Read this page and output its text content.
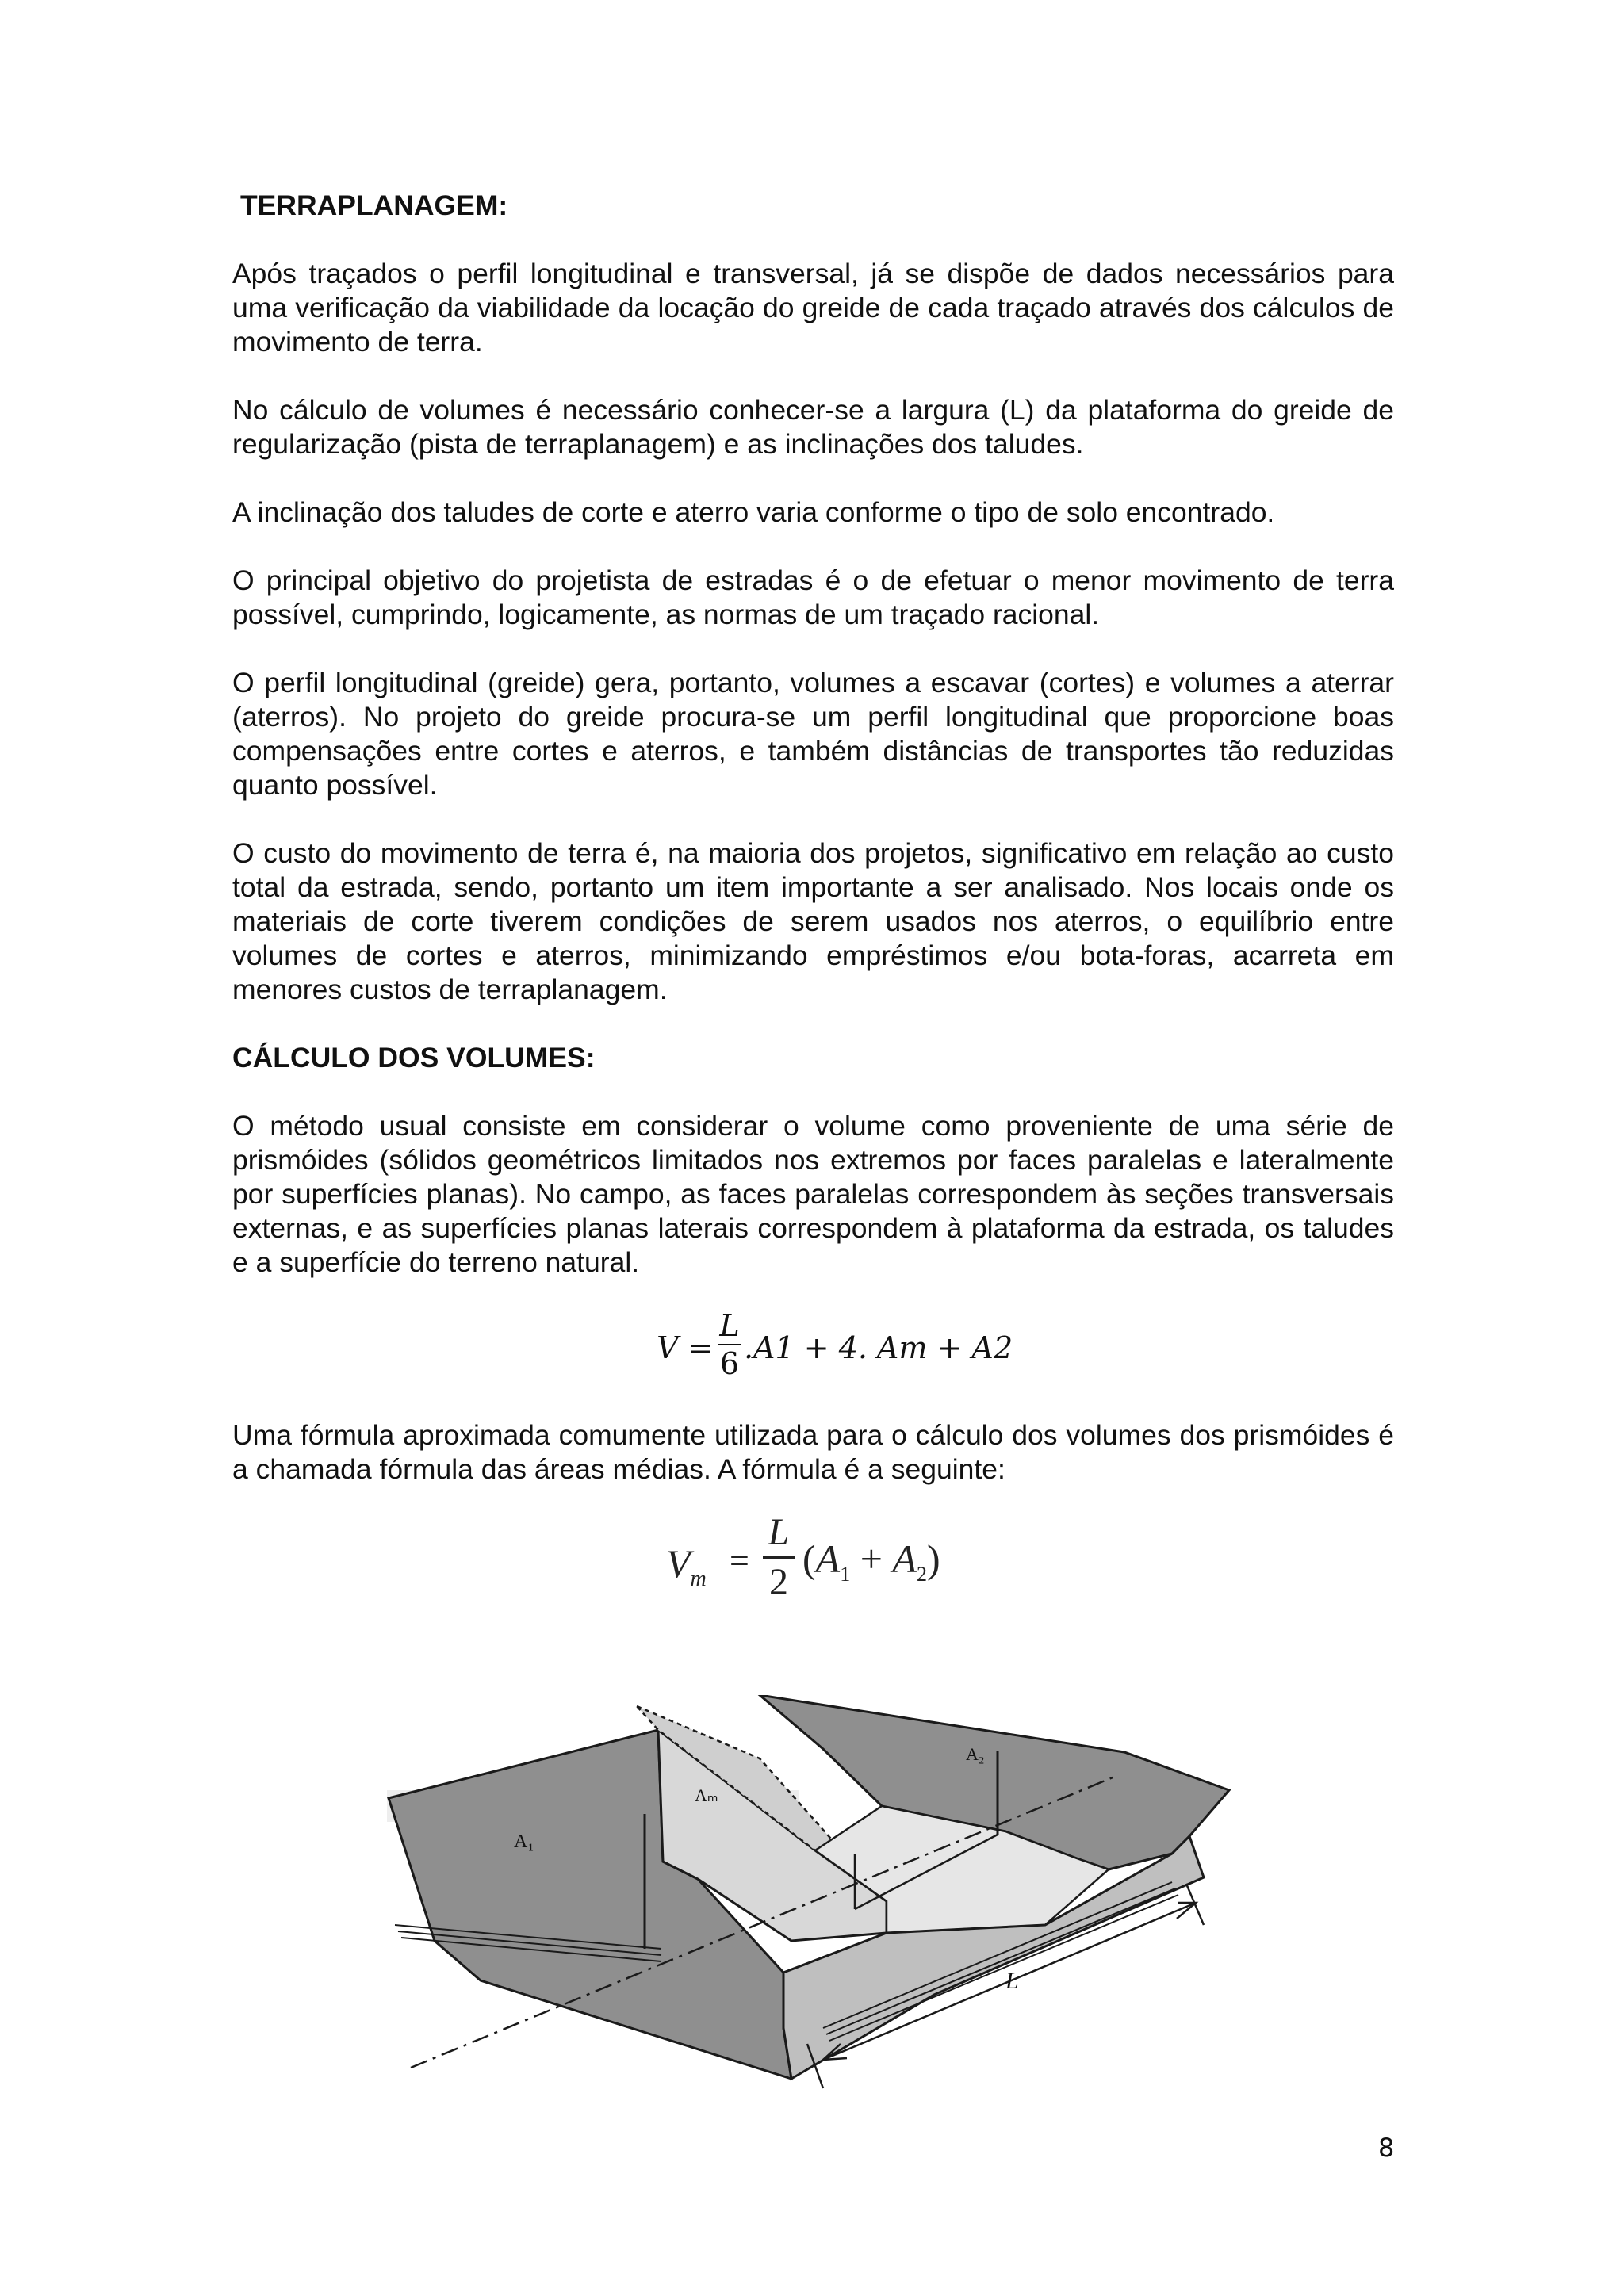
TERRAPLANAGEM:

Após traçados o perfil longitudinal e transversal, já se dispõe de dados necessários para uma verificação da viabilidade da locação do greide de cada traçado através dos cálculos de movimento de terra.

No cálculo de volumes é necessário conhecer-se a largura (L) da plataforma do greide de regularização (pista de terraplanagem) e as inclinações dos taludes.

A inclinação dos taludes de corte e aterro varia conforme o tipo de solo encontrado.

O principal objetivo do projetista de estradas é o de efetuar o menor movimento de terra possível, cumprindo, logicamente, as normas de um traçado racional.

O perfil longitudinal (greide) gera, portanto, volumes a escavar (cortes) e volumes a aterrar (aterros). No projeto do greide procura-se um perfil longitudinal que proporcione boas compensações entre cortes e aterros, e também distâncias de transportes tão reduzidas quanto possível.

O custo do movimento de terra é, na maioria dos projetos, significativo em relação ao custo total da estrada, sendo, portanto um item importante a ser analisado. Nos locais onde os materiais de corte tiverem condições de serem usados nos aterros, o equilíbrio entre volumes de cortes e aterros, minimizando empréstimos e/ou bota-foras, acarreta em menores custos de terraplanagem.

CÁLCULO DOS VOLUMES:

O método usual consiste em considerar o volume como proveniente de uma série de prismóides (sólidos geométricos limitados nos extremos por faces paralelas e lateralmente por superfícies planas). No campo, as faces paralelas correspondem às seções transversais externas, e as superfícies planas laterais correspondem à plataforma da estrada, os taludes e a superfície do terreno natural.

V =
L
6 .A1 + 4. Am + A2

Uma fórmula aproximada comumente utilizada para o cálculo dos volumes dos prismóides é a chamada fórmula das áreas médias. A fórmula é a seguinte:

$V_m$ =
L
2
$(A_1 + A_2)$
A₁
Aₘ
A₂
L
8
